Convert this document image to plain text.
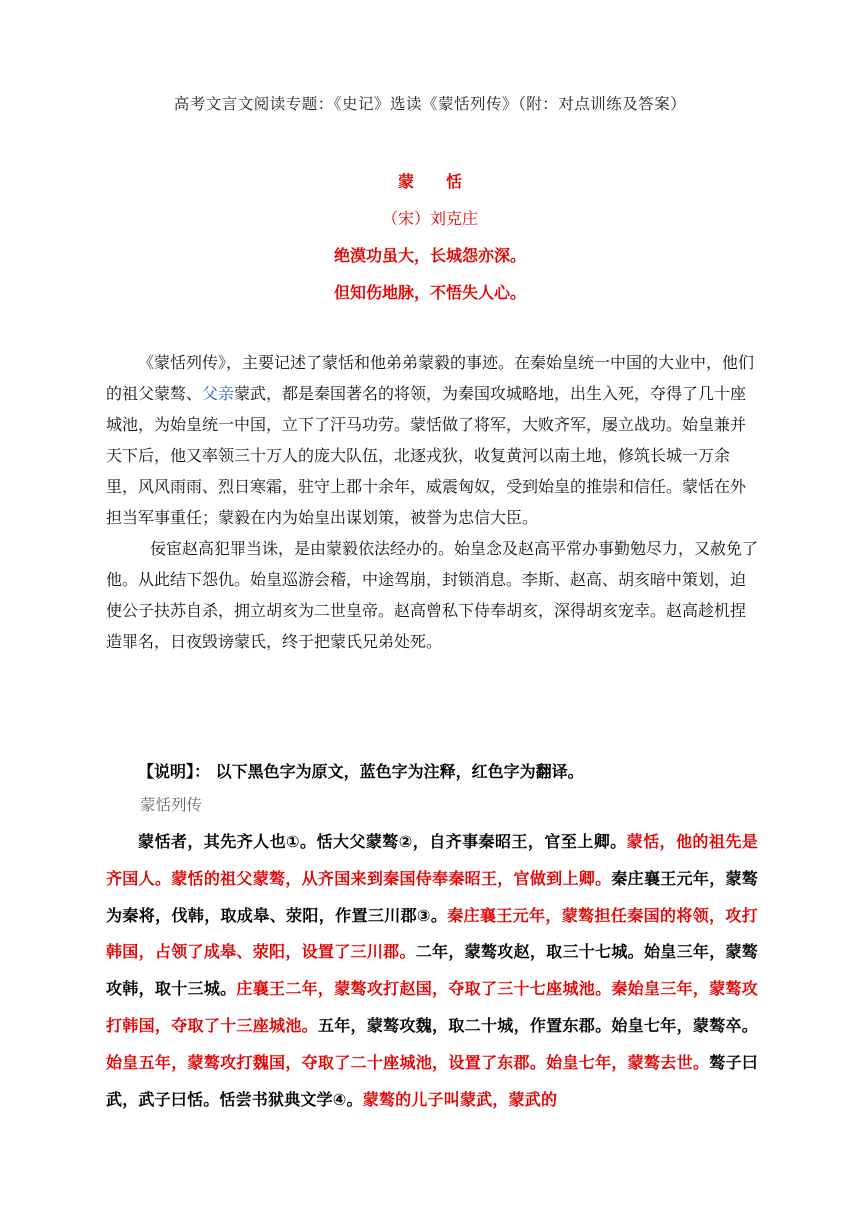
高考文言文阅读专题：《史记》选读《蒙恬列传》（附：对点训练及答案）
蒙　　恬
（宋）刘克庄
绝漠功虽大，长城怨亦深。
但知伤地脉，不悟失人心。

《蒙恬列传》，主要记述了蒙恬和他弟弟蒙毅的事迹。在秦始皇统一中国的大业中，他们的祖父蒙骜、父亲蒙武，都是秦国著名的将领，为秦国攻城略地，出生入死，夺得了几十座城池，为始皇统一中国，立下了汗马功劳。蒙恬做了将军，大败齐军，屡立战功。始皇兼并天下后，他又率领三十万人的庞大队伍，北逐戎狄，收复黄河以南土地，修筑长城一万余里，风风雨雨、烈日寒霜，驻守上郡十余年，威震匈奴，受到始皇的推崇和信任。蒙恬在外担当军事重任；蒙毅在内为始皇出谋划策，被誉为忠信大臣。

佞宦赵高犯罪当诛，是由蒙毅依法经办的。始皇念及赵高平常办事勤勉尽力，又赦免了他。从此结下怨仇。始皇巡游会稽，中途驾崩，封锁消息。李斯、赵高、胡亥暗中策划，迫使公子扶苏自杀，拥立胡亥为二世皇帝。赵高曾私下侍奉胡亥，深得胡亥宠幸。赵高趁机捏造罪名，日夜毁谤蒙氏，终于把蒙氏兄弟处死。

【说明】： 以下黑色字为原文，蓝色字为注释，红色字为翻译。
蒙恬列传

蒙恬者，其先齐人也①。恬大父蒙骜②，自齐事秦昭王，官至上卿。蒙恬，他的祖先是齐国人。蒙恬的祖父蒙骜，从齐国来到秦国侍奉秦昭王，官做到上卿。秦庄襄王元年，蒙骜为秦将，伐韩，取成皋、荥阳，作置三川郡③。秦庄襄王元年，蒙骜担任秦国的将领，攻打韩国，占领了成皋、荥阳，设置了三川郡。二年，蒙骜攻赵，取三十七城。始皇三年，蒙骜攻韩，取十三城。庄襄王二年，蒙骜攻打赵国，夺取了三十七座城池。秦始皇三年，蒙骜攻打韩国，夺取了十三座城池。五年，蒙骜攻魏，取二十城，作置东郡。始皇七年，蒙骜卒。始皇五年，蒙骜攻打魏国，夺取了二十座城池，设置了东郡。始皇七年，蒙骜去世。骜子曰武，武子曰恬。恬尝书狱典文学④。蒙骜的儿子叫蒙武，蒙武的
